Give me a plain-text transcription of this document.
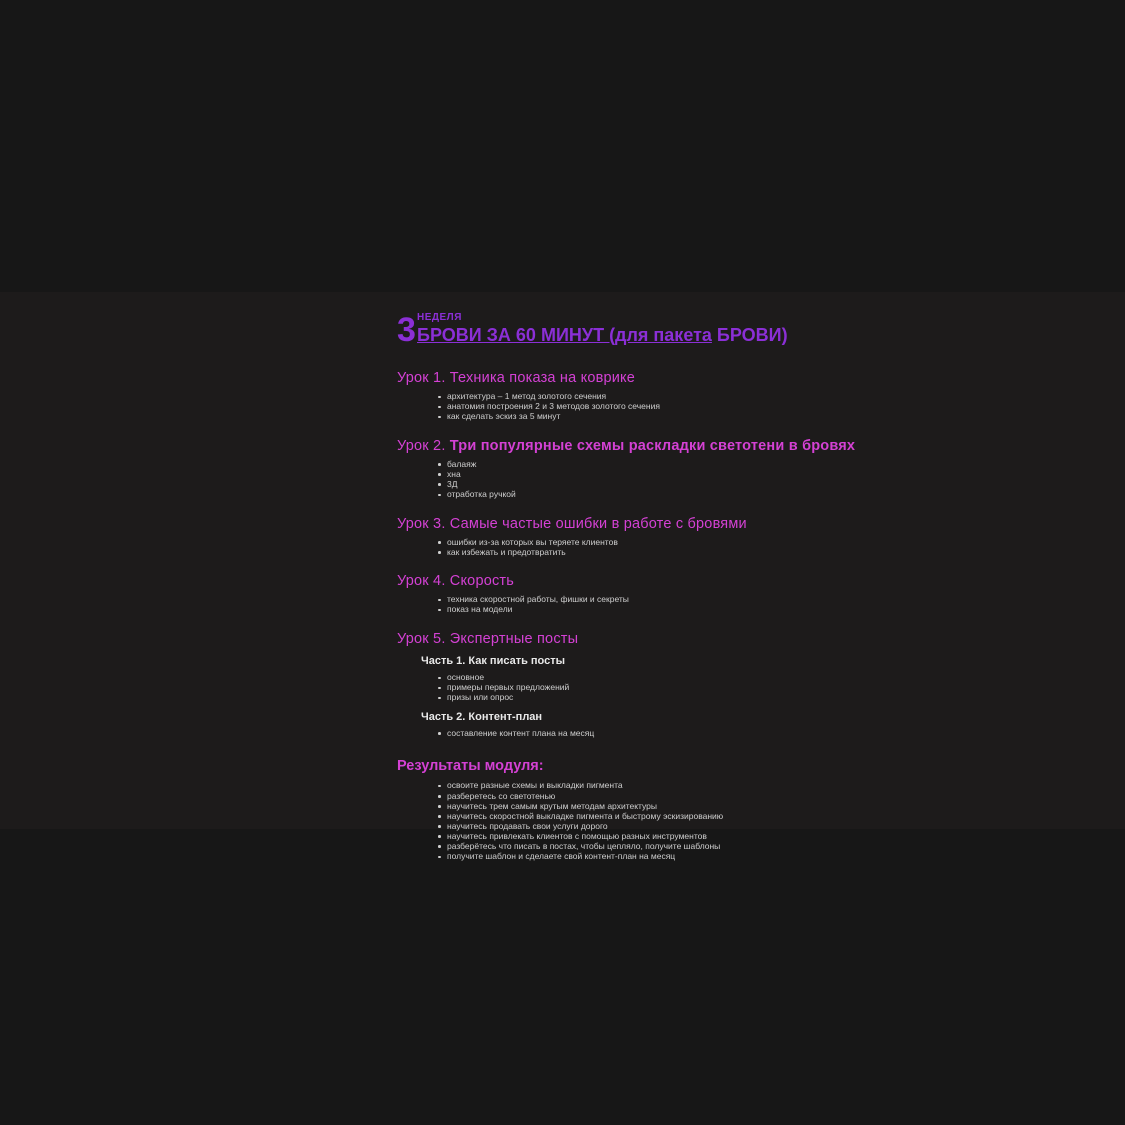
3 НЕДЕЛЯ
БРОВИ ЗА 60 МИНУТ (для пакета БРОВИ)
Урок 1. Техника показа на коврике
архитектура – 1 метод золотого сечения
анатомия построения 2 и 3 методов золотого сечения
как сделать эскиз за 5 минут
Урок 2. Три популярные схемы раскладки светотени в бровях
балаяж
хна
3Д
отработка ручкой
Урок 3. Самые частые ошибки в работе с бровями
ошибки из-за которых вы теряете клиентов
как избежать и предотвратить
Урок 4. Скорость
техника скоростной работы, фишки и секреты
показ на модели
Урок 5. Экспертные посты
Часть 1. Как писать посты
основное
примеры первых предложений
призы или опрос
Часть 2. Контент-план
составление контент плана на месяц
Результаты модуля:
освоите разные схемы и выкладки пигмента
разберетесь со светотенью
научитесь трем самым крутым методам архитектуры
научитесь скоростной выкладке пигмента и быстрому эскизированию
научитесь продавать свои услуги дорого
научитесь привлекать клиентов с помощью разных инструментов
разберётесь что писать в постах, чтобы цепляло, получите шаблоны
получите шаблон и сделаете свой контент-план на месяц
